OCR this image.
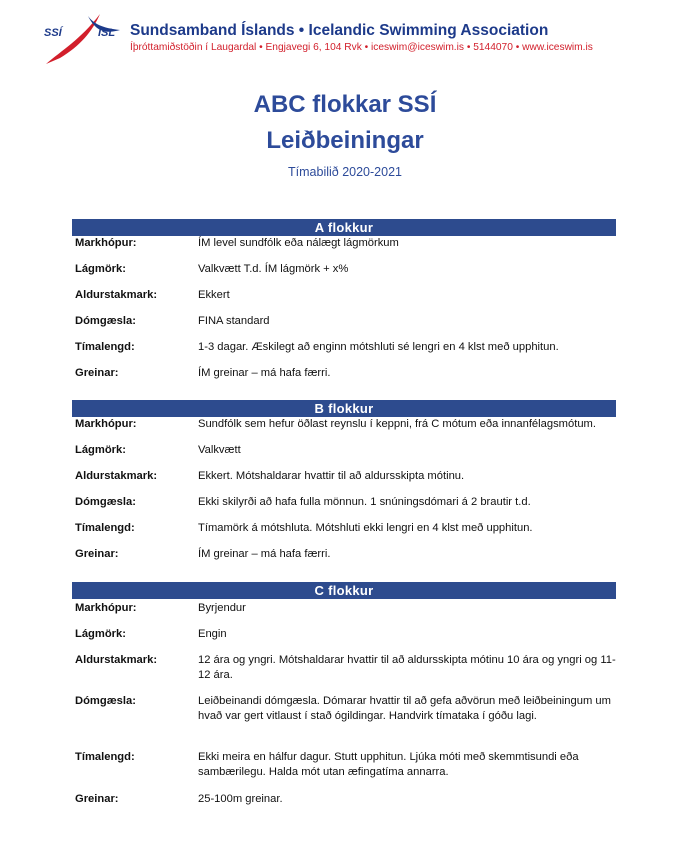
SSÍ	ISL Sundsamband Íslands • Icelandic Swimming Association
Íþróttamiðstöðin í Laugardal • Engjavegi 6, 104 Rvk • iceswim@iceswim.is • 5144070 • www.iceswim.is
ABC flokkar SSÍ
Leiðbeiningar
Tímabilið 2020-2021
A flokkur
Markhópur:	ÍM level sundfólk eða nálægt lágmörkum
Lágmörk:	Valkvætt T.d. ÍM lágmörk + x%
Aldurstakmark:	Ekkert
Dómgæsla:	FINA standard
Tímalengd:	1-3 dagar. Æskilegt að enginn mótshluti sé lengri en 4 klst með upphitun.
Greinar:	ÍM greinar – má hafa færri.
B flokkur
Markhópur:	Sundfólk sem hefur öðlast reynslu í keppni, frá C mótum eða innanfélagsmótum.
Lágmörk:	Valkvætt
Aldurstakmark:	Ekkert. Mótshaldarar hvattir til að aldursskipta mótinu.
Dómgæsla:	Ekki skilyrði að hafa fulla mönnun. 1 snúningsdómari á 2 brautir t.d.
Tímalengd:	Tímamörk á mótshluta. Mótshluti ekki lengri en 4 klst með upphitun.
Greinar:	ÍM greinar – má hafa færri.
C flokkur
Markhópur:	Byrjendur
Lágmörk:	Engin
Aldurstakmark:	12 ára og yngri. Mótshaldarar hvattir til að aldursskipta mótinu 10 ára og yngri og 11-12 ára.
Dómgæsla:	Leiðbeinandi dómgæsla. Dómarar hvattir til að gefa aðvörun með leiðbeiningum um hvað var gert vitlaust í stað ógildingar. Handvirk tímataka í góðu lagi.
Tímalengd:	Ekki meira en hálfur dagur. Stutt upphitun. Ljúka móti með skemmtisundi eða sambærilegu. Halda mót utan æfingatíma annarra.
Greinar:	25-100m greinar.
